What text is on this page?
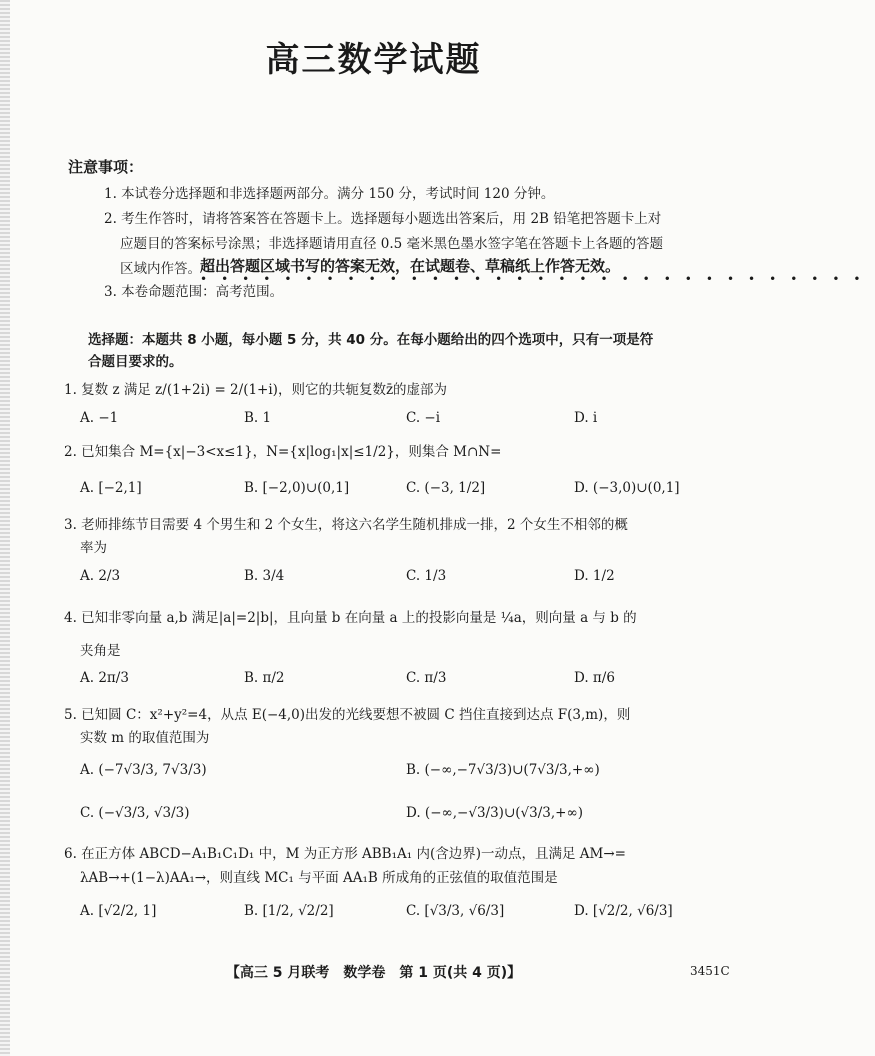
高三数学试题
注意事项：
1. 本试卷分选择题和非选择题两部分。满分 150 分，考试时间 120 分钟。
2. 考生作答时，请将答案答在答题卡上。选择题每小题选出答案后，用 2B 铅笔把答题卡上对
应题目的答案标号涂黑；非选择题请用直径 0.5 毫米黑色墨水签字笔在答题卡上各题的答题
区域内作答。 超出答题区域书写的答案无效，在试题卷、草稿纸上作答无效。
••••••••••••••••••••••••••••••••
3. 本卷命题范围：高考范围。
选择题：本题共 8 小题，每小题 5 分，共 40 分。在每小题给出的四个选项中，只有一项是符
合题目要求的。
1. 复数 z 满足 z/(1+2i) = 2/(1+i)，则它的共轭复数z̄的虚部为
A. −1	B. 1	C. −i	D. i
2. 已知集合 M={x|−3<x≤1}，N={x|log₁|x|≤1/2}，则集合 M∩N=
A. [−2,1]	B. [−2,0)∪(0,1]	C. (−3, 1/2]	D. (−3,0)∪(0,1]
3. 老师排练节目需要 4 个男生和 2 个女生，将这六名学生随机排成一排，2 个女生不相邻的概
率为
A. 2/3	B. 3/4	C. 1/3	D. 1/2
4. 已知非零向量 a,b 满足|a|=2|b|，且向量 b 在向量 a 上的投影向量是 ¼a，则向量 a 与 b 的
夹角是
A. 2π/3	B. π/2	C. π/3	D. π/6
5. 已知圆 C：x²+y²=4，从点 E(−4,0)出发的光线要想不被圆 C 挡住直接到达点 F(3,m)，则
实数 m 的取值范围为
A. (−7√3/3, 7√3/3)	B. (−∞,−7√3/3)∪(7√3/3,+∞)
C. (−√3/3, √3/3)	D. (−∞,−√3/3)∪(√3/3,+∞)
6. 在正方体 ABCD−A₁B₁C₁D₁ 中，M 为正方形 ABB₁A₁ 内(含边界)一动点，且满足 AM→=
λAB→+(1−λ)AA₁→，则直线 MC₁ 与平面 AA₁B 所成角的正弦值的取值范围是
A. [√2/2, 1]	B. [1/2, √2/2]	C. [√3/3, √6/3]	D. [√2/2, √6/3]
【高三 5 月联考　数学卷　第 1 页(共 4 页)】	3451C
